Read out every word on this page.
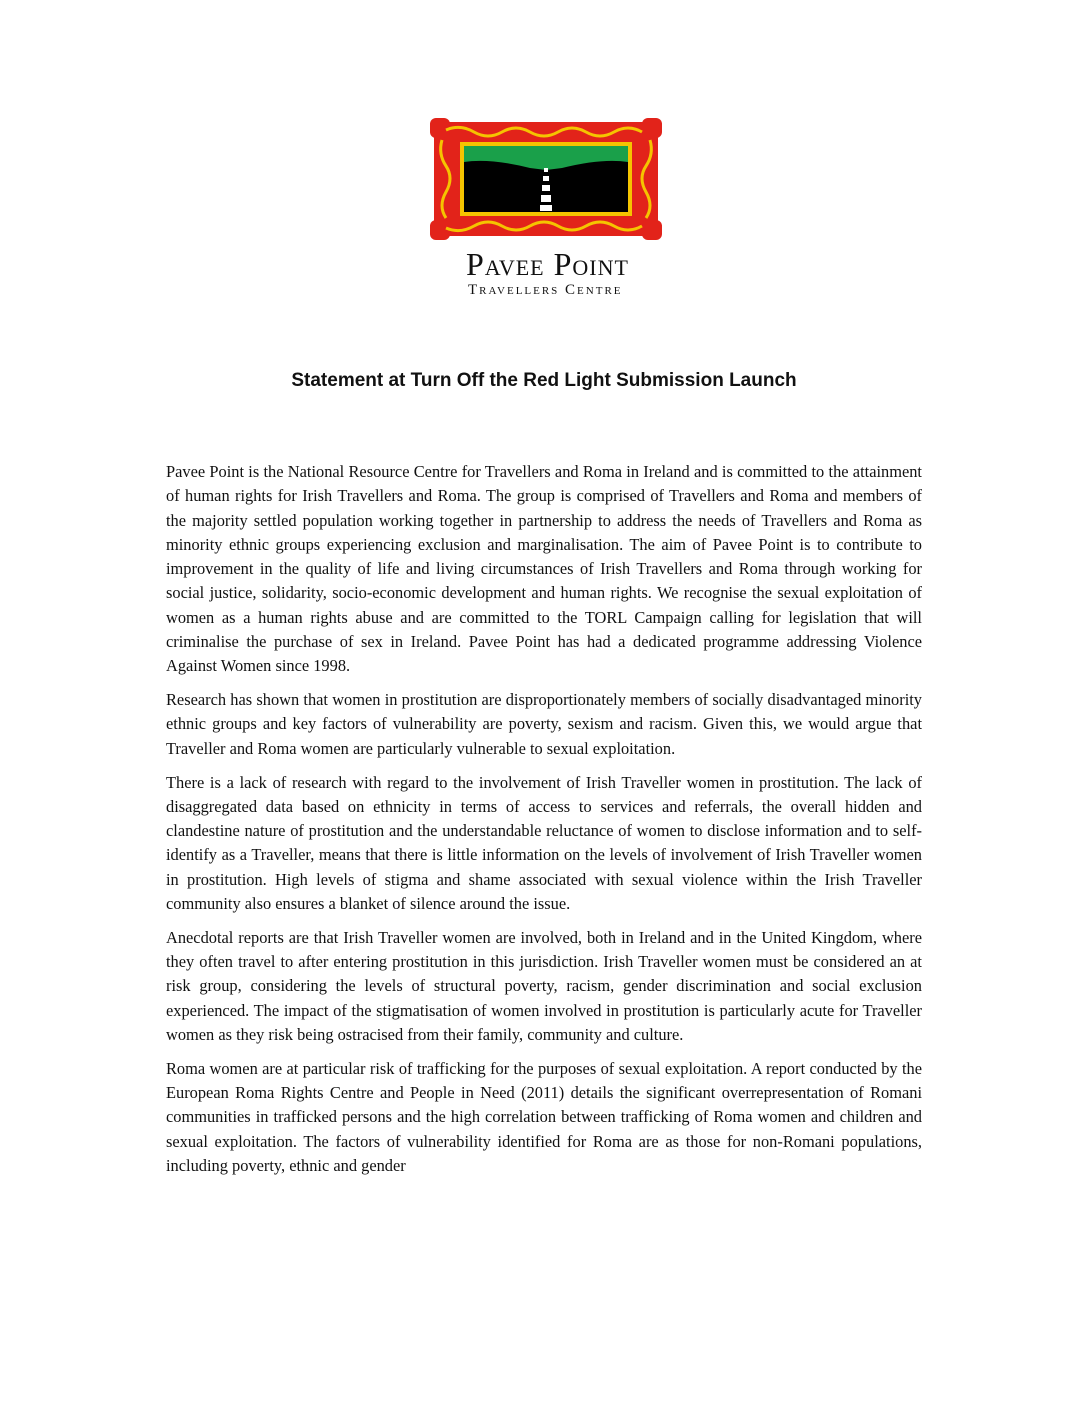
Pavee Point
Travellers Centre
Statement at Turn Off the Red Light Submission Launch

Pavee Point is the National Resource Centre for Travellers and Roma in Ireland and is committed to the attainment of human rights for Irish Travellers and Roma. The group is comprised of Travellers and Roma and members of the majority settled population working together in partnership to address the needs of Travellers and Roma as minority ethnic groups experiencing exclusion and marginalisation. The aim of Pavee Point is to contribute to improvement in the quality of life and living circumstances of Irish Travellers and Roma through working for social justice, solidarity, socio-economic development and human rights. We recognise the sexual exploitation of women as a human rights abuse and are committed to the TORL Campaign calling for legislation that will criminalise the purchase of sex in Ireland. Pavee Point has had a dedicated programme addressing Violence Against Women since 1998.

Research has shown that women in prostitution are disproportionately members of socially disadvantaged minority ethnic groups and key factors of vulnerability are poverty, sexism and racism. Given this, we would argue that Traveller and Roma women are particularly vulnerable to sexual exploitation.

There is a lack of research with regard to the involvement of Irish Traveller women in prostitution. The lack of disaggregated data based on ethnicity in terms of access to services and referrals, the overall hidden and clandestine nature of prostitution and the understandable reluctance of women to disclose information and to self-identify as a Traveller, means that there is little information on the levels of involvement of Irish Traveller women in prostitution. High levels of stigma and shame associated with sexual violence within the Irish Traveller community also ensures a blanket of silence around the issue.

Anecdotal reports are that Irish Traveller women are involved, both in Ireland and in the United Kingdom, where they often travel to after entering prostitution in this jurisdiction. Irish Traveller women must be considered an at risk group, considering the levels of structural poverty, racism, gender discrimination and social exclusion experienced. The impact of the stigmatisation of women involved in prostitution is particularly acute for Traveller women as they risk being ostracised from their family, community and culture.

Roma women are at particular risk of trafficking for the purposes of sexual exploitation. A report conducted by the European Roma Rights Centre and People in Need (2011) details the significant overrepresentation of Romani communities in trafficked persons and the high correlation between trafficking of Roma women and children and sexual exploitation. The factors of vulnerability identified for Roma are as those for non-Romani populations, including poverty, ethnic and gender
